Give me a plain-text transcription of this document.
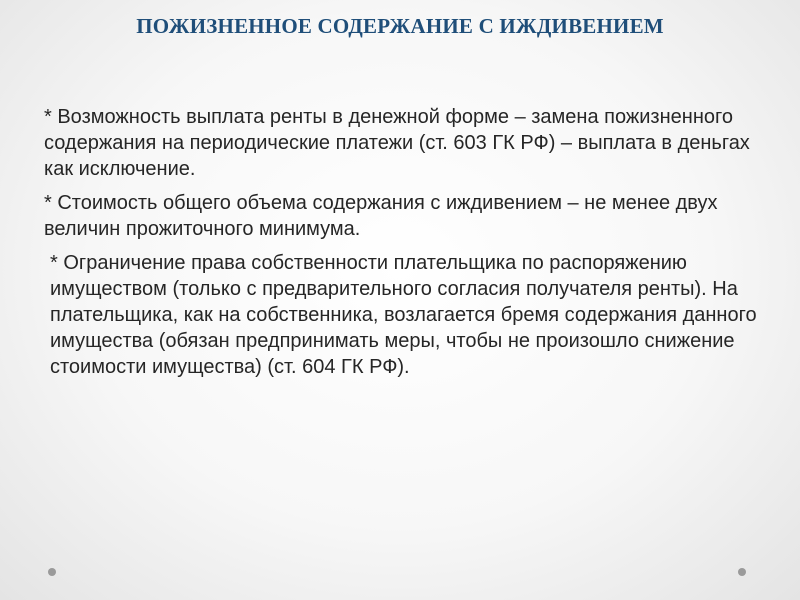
ПОЖИЗНЕННОЕ СОДЕРЖАНИЕ С ИЖДИВЕНИЕМ

* Возможность выплата ренты в денежной форме – замена пожизненного содержания на периодические платежи (ст. 603 ГК РФ) – выплата в деньгах как исключение.

* Стоимость общего объема содержания с иждивением – не менее двух величин прожиточного минимума.

* Ограничение права собственности плательщика по распоряжению имуществом (только с предварительного согласия получателя ренты). На плательщика, как на собственника, возлагается бремя содержания данного имущества (обязан предпринимать меры, чтобы не произошло снижение стоимости имущества) (ст. 604 ГК РФ).
